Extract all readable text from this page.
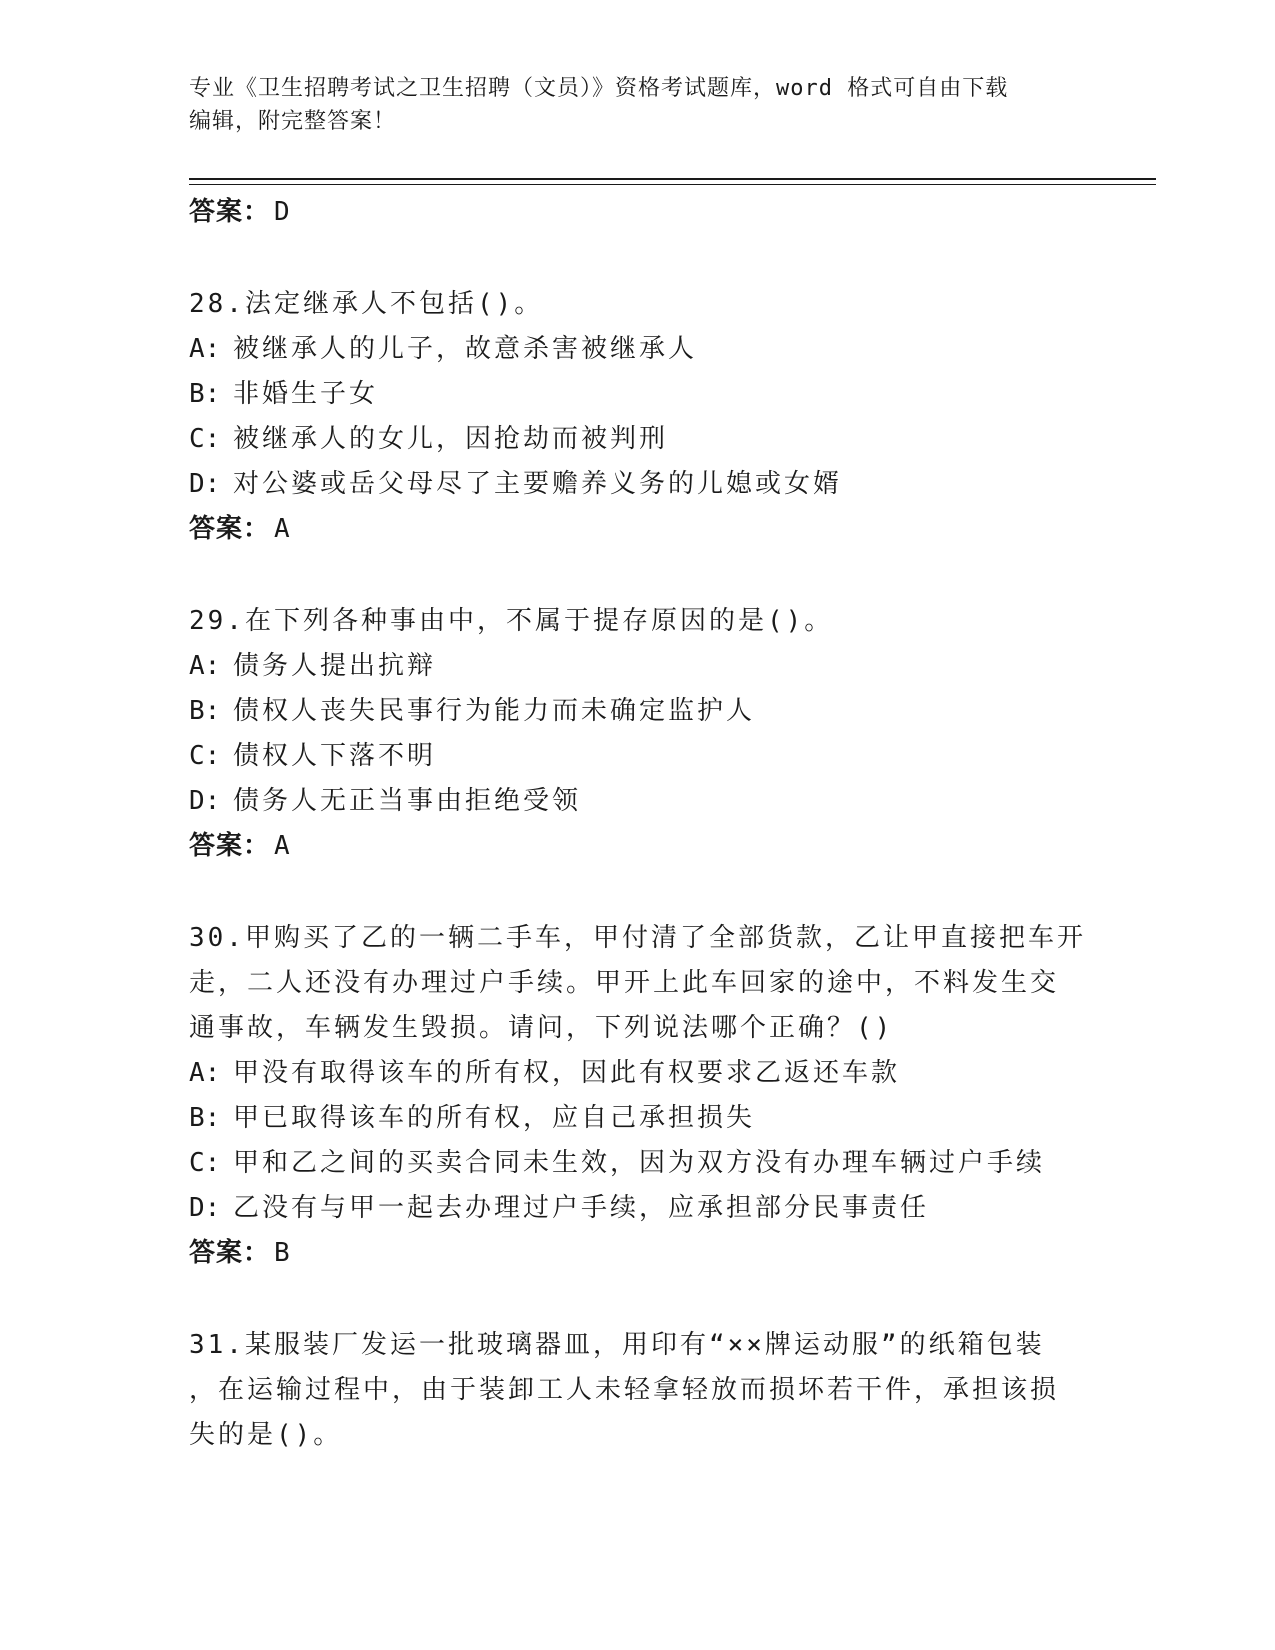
专业《卫生招聘考试之卫生招聘（文员）》资格考试题库，word 格式可自由下载
编辑，附完整答案！
答案： D
28.法定继承人不包括()。
A: 被继承人的儿子，故意杀害被继承人
B: 非婚生子女
C: 被继承人的女儿，因抢劫而被判刑
D: 对公婆或岳父母尽了主要赡养义务的儿媳或女婿
答案： A
29.在下列各种事由中，不属于提存原因的是()。
A: 债务人提出抗辩
B: 债权人丧失民事行为能力而未确定监护人
C: 债权人下落不明
D: 债务人无正当事由拒绝受领
答案： A
30.甲购买了乙的一辆二手车，甲付清了全部货款，乙让甲直接把车开
走，二人还没有办理过户手续。甲开上此车回家的途中，不料发生交
通事故，车辆发生毁损。请问，下列说法哪个正确？()
A: 甲没有取得该车的所有权，因此有权要求乙返还车款
B: 甲已取得该车的所有权，应自己承担损失
C: 甲和乙之间的买卖合同未生效，因为双方没有办理车辆过户手续
D: 乙没有与甲一起去办理过户手续，应承担部分民事责任
答案： B
31.某服装厂发运一批玻璃器皿，用印有“××牌运动服”的纸箱包装
，在运输过程中，由于装卸工人未轻拿轻放而损坏若干件，承担该损
失的是()。
